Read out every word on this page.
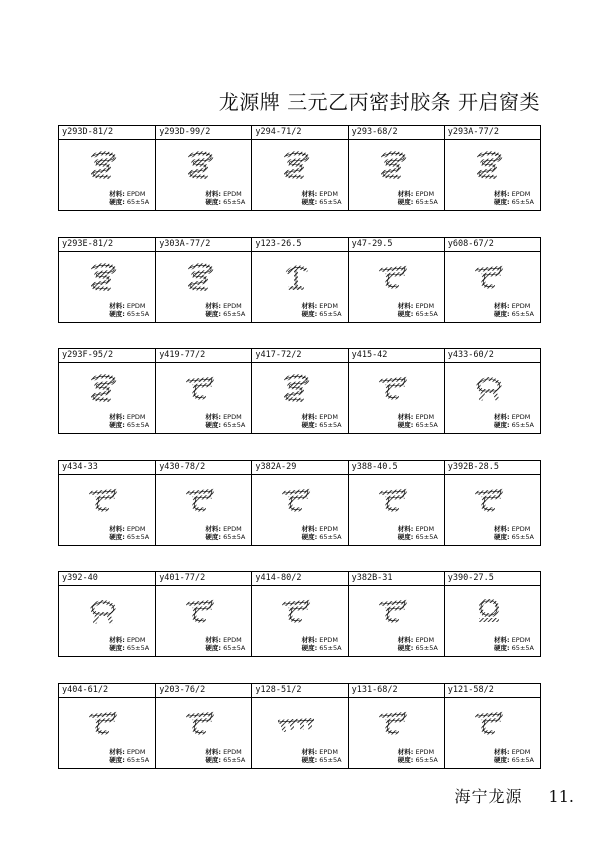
龙源牌 三元乙丙密封胶条 开启窗类
y293D-81/2
材料: EPDM
硬度: 65±5A
y293D-99/2
材料: EPDM
硬度: 65±5A
y294-71/2
材料: EPDM
硬度: 65±5A
y293-68/2
材料: EPDM
硬度: 65±5A
y293A-77/2
材料: EPDM
硬度: 65±5A
y293E-81/2
材料: EPDM
硬度: 65±5A
y303A-77/2
材料: EPDM
硬度: 65±5A
y123-26.5
材料: EPDM
硬度: 65±5A
y47-29.5
材料: EPDM
硬度: 65±5A
y608-67/2
材料: EPDM
硬度: 65±5A
y293F-95/2
材料: EPDM
硬度: 65±5A
y419-77/2
材料: EPDM
硬度: 65±5A
y417-72/2
材料: EPDM
硬度: 65±5A
y415-42
材料: EPDM
硬度: 65±5A
y433-60/2
材料: EPDM
硬度: 65±5A
y434-33
材料: EPDM
硬度: 65±5A
y430-78/2
材料: EPDM
硬度: 65±5A
y382A-29
材料: EPDM
硬度: 65±5A
y388-40.5
材料: EPDM
硬度: 65±5A
y392B-28.5
材料: EPDM
硬度: 65±5A
y392-40
材料: EPDM
硬度: 65±5A
y401-77/2
材料: EPDM
硬度: 65±5A
y414-80/2
材料: EPDM
硬度: 65±5A
y382B-31
材料: EPDM
硬度: 65±5A
y390-27.5
材料: EPDM
硬度: 65±5A
y404-61/2
材料: EPDM
硬度: 65±5A
y203-76/2
材料: EPDM
硬度: 65±5A
y128-51/2
材料: EPDM
硬度: 65±5A
y131-68/2
材料: EPDM
硬度: 65±5A
y121-58/2
材料: EPDM
硬度: 65±5A
海宁龙源 11.
